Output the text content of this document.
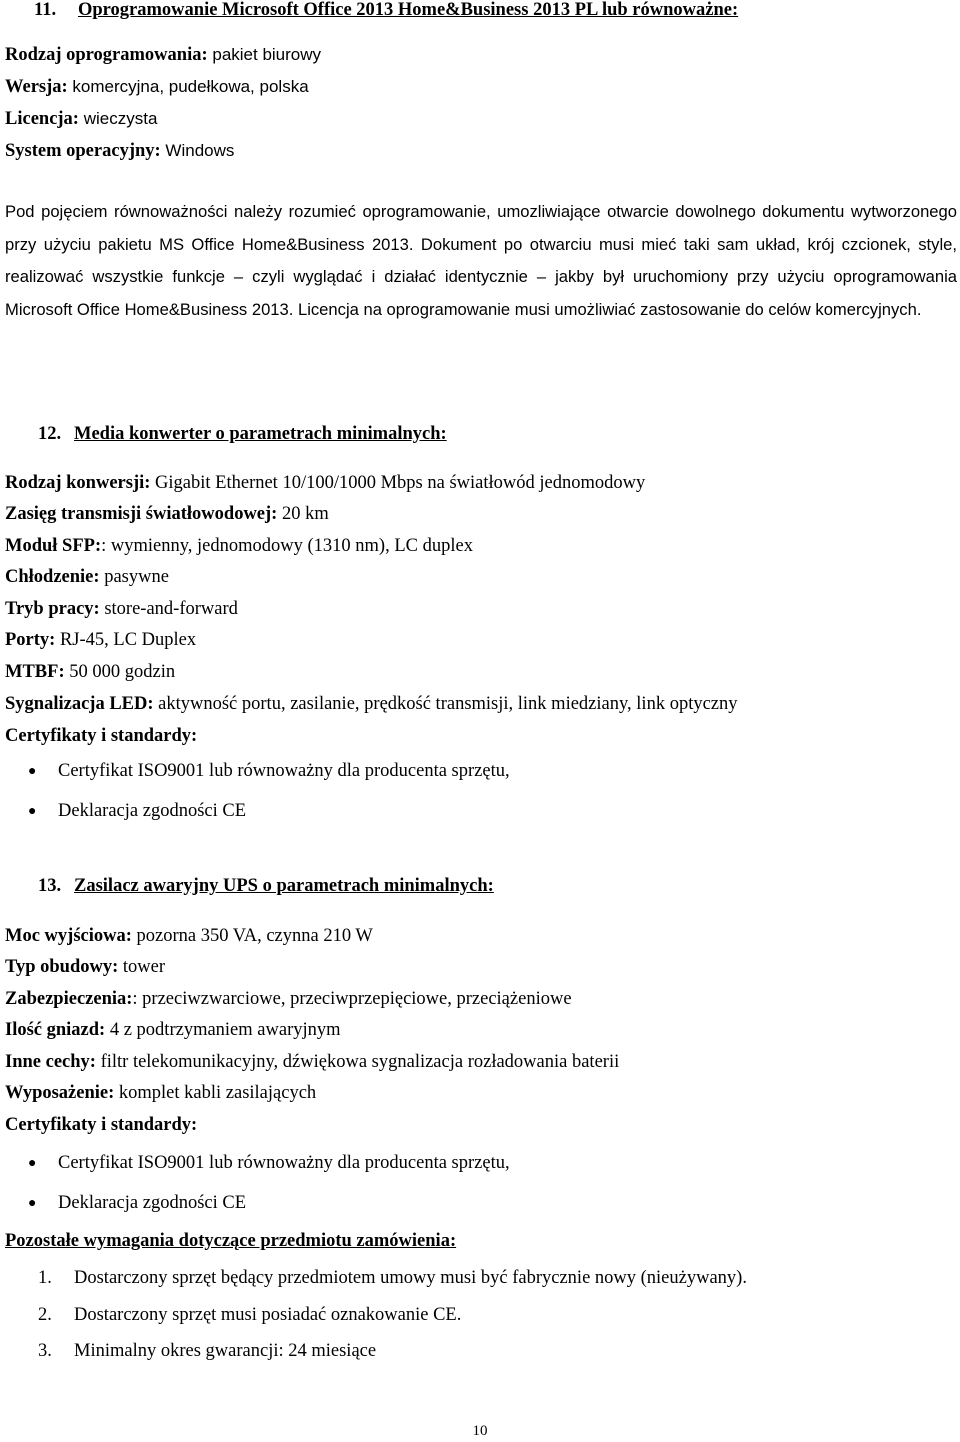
11. Oprogramowanie Microsoft Office 2013 Home&Business 2013 PL lub równoważne:
Rodzaj oprogramowania: pakiet biurowy
Wersja: komercyjna, pudełkowa, polska
Licencja: wieczysta
System operacyjny: Windows
Pod pojęciem równoważności należy rozumieć oprogramowanie, umozliwiające otwarcie dowolnego dokumentu wytworzonego przy użyciu pakietu MS Office Home&Business 2013. Dokument po otwarciu musi mieć taki sam układ, krój czcionek, style, realizować wszystkie funkcje – czyli wyglądać i działać identycznie – jakby był uruchomiony przy użyciu oprogramowania Microsoft Office Home&Business 2013. Licencja na oprogramowanie musi umożliwiać zastosowanie do celów komercyjnych.
12. Media konwerter o parametrach minimalnych:
Rodzaj konwersji: Gigabit Ethernet 10/100/1000 Mbps na światłowód jednomodowy
Zasięg transmisji światłowodowej: 20 km
Moduł SFP:: wymienny, jednomodowy (1310 nm), LC duplex
Chłodzenie: pasywne
Tryb pracy: store-and-forward
Porty: RJ-45, LC Duplex
MTBF: 50 000 godzin
Sygnalizacja LED: aktywność portu, zasilanie, prędkość transmisji, link miedziany, link optyczny
Certyfikaty i standardy:
● Certyfikat ISO9001 lub równoważny dla producenta sprzętu,
● Deklaracja zgodności CE
13. Zasilacz awaryjny UPS o parametrach minimalnych:
Moc wyjściowa: pozorna 350 VA, czynna 210 W
Typ obudowy: tower
Zabezpieczenia:: przeciwzwarciowe, przeciwprzepięciowe, przeciążeniowe
Ilość gniazd: 4 z podtrzymaniem awaryjnym
Inne cechy: filtr telekomunikacyjny, dźwiękowa sygnalizacja rozładowania baterii
Wyposażenie: komplet kabli zasilających
Certyfikaty i standardy:
● Certyfikat ISO9001 lub równoważny dla producenta sprzętu,
● Deklaracja zgodności CE
Pozostałe wymagania dotyczące przedmiotu zamówienia:
1. Dostarczony sprzęt będący przedmiotem umowy musi być fabrycznie nowy (nieużywany).
2. Dostarczony sprzęt musi posiadać oznakowanie CE.
3. Minimalny okres gwarancji: 24 miesiące
10
